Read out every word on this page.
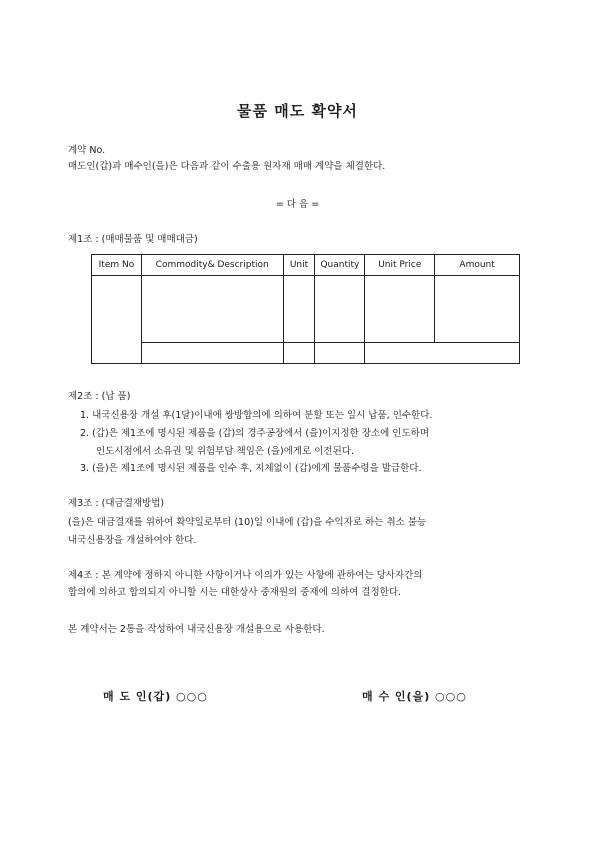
물품 매도 확약서
계약 No.
매도인(갑)과 매수인(을)은 다음과 같이 수출용 원자재 매매 계약을 체결한다.
= 다 음 =
제1조 : (매매물품 및 매매대금)
Item No	Commodity& Description	Unit	Quantity	Unit Price	Amount

제2조 : (납 품)
1. 내국신용장 개설 후(1달)이내에 쌍방합의에 의하여 분할 또는 일시 납품, 인수한다.
2. (갑)은 제1조에 명시된 제품을 (갑)의 경주공장에서 (을)이지정한 장소에 인도하며
인도시점에서 소유권 및 위험부담 책임은 (을)에게로 이전된다.
3. (을)은 제1조에 명시된 제품을 인수 후, 지체없이 (갑)에게 물품수령을 발급한다.
제3조 : (대금결재방법)
(을)은 대금결재를 위하여 확약일로부터 (10)일 이내에 (갑)을 수익자로 하는 취소 불능
내국신용장을 개설하여야 한다.
제4조 : 본 계약에 정하지 아니한 사항이거나 이의가 있는 사항에 관하여는 당사자간의
합의에 의하고 합의되지 아니할 시는 대한상사 중재원의 중재에 의하여 결정한다.
본 계약서는 2통을 작성하여 내국신용장 개설용으로 사용한다.
매 도 인(갑) ○○○	매 수 인(을) ○○○
